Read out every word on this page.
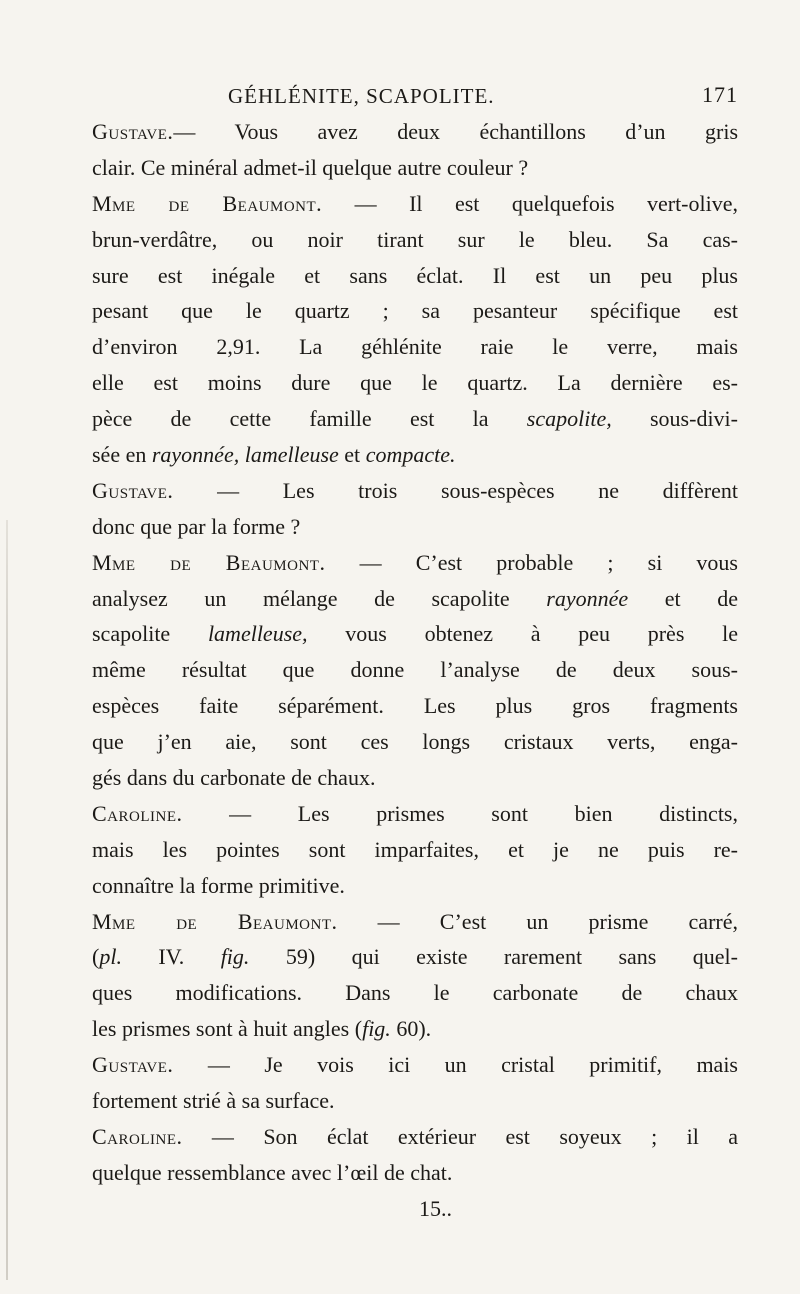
GÉHLÉNITE, SCAPOLITE.	171
Gustave.— Vous avez deux échantillons d’un gris
clair. Ce minéral admet-il quelque autre couleur ?
Mme de Beaumont. — Il est quelquefois vert-olive,
brun-verdâtre, ou noir tirant sur le bleu. Sa cas-
sure est inégale et sans éclat. Il est un peu plus
pesant que le quartz ; sa pesanteur spécifique est
d’environ 2,91. La géhlénite raie le verre, mais
elle est moins dure que le quartz. La dernière es-
pèce de cette famille est la scapolite, sous-divi-
sée en rayonnée, lamelleuse et compacte.
Gustave. — Les trois sous-espèces ne diffèrent
donc que par la forme ?
Mme de Beaumont. — C’est probable ; si vous
analysez un mélange de scapolite rayonnée et de
scapolite lamelleuse, vous obtenez à peu près le
même résultat que donne l’analyse de deux sous-
espèces faite séparément. Les plus gros fragments
que j’en aie, sont ces longs cristaux verts, enga-
gés dans du carbonate de chaux.
Caroline. — Les prismes sont bien distincts,
mais les pointes sont imparfaites, et je ne puis re-
connaître la forme primitive.
Mme de Beaumont. — C’est un prisme carré,
(pl. IV. fig. 59) qui existe rarement sans quel-
ques modifications. Dans le carbonate de chaux
les prismes sont à huit angles (fig. 60).
Gustave. — Je vois ici un cristal primitif, mais
fortement strié à sa surface.
Caroline. — Son éclat extérieur est soyeux ; il a
quelque ressemblance avec l’œil de chat.
15..
